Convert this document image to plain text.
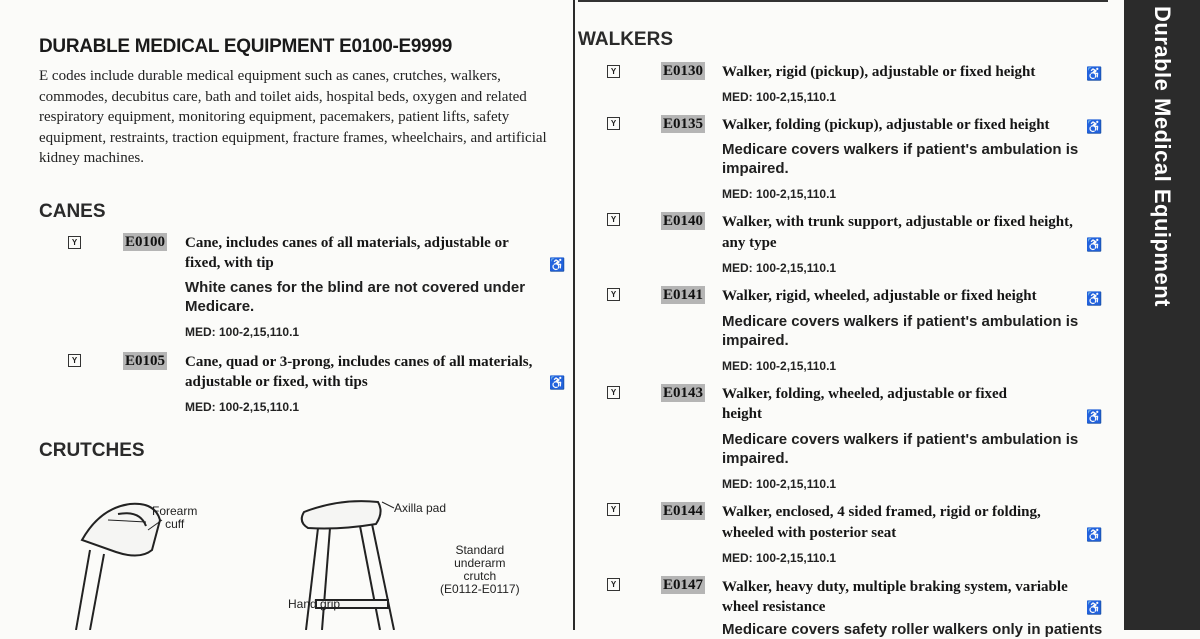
Durable Medical Equipment
DURABLE MEDICAL EQUIPMENT E0100-E9999
E codes include durable medical equipment such as canes, crutches, walkers, commodes, decubitus care, bath and toilet aids, hospital beds, oxygen and related respiratory equipment, monitoring equipment, pacemakers, patient lifts, safety equipment, restraints, traction equipment, fracture frames, wheelchairs, and artificial kidney machines.
CANES
Y	E0100 Cane, includes canes of all materials, adjustable or
fixed, with tip	♿
White canes for the blind are not covered under
Medicare.
MED: 100-2,15,110.1
Y	E0105 Cane, quad or 3-prong, includes canes of all materials,
adjustable or fixed, with tips	♿
MED: 100-2,15,110.1
CRUTCHES
Forearm
cuff
Axilla pad
Standard
underarm
crutch
(E0112-E0117)
Hand grip
WALKERS
Y	E0130 Walker, rigid (pickup), adjustable or fixed height	♿
MED: 100-2,15,110.1
Y	E0135 Walker, folding (pickup), adjustable or fixed height	♿
Medicare covers walkers if patient's ambulation is
impaired.
MED: 100-2,15,110.1
Y	E0140 Walker, with trunk support, adjustable or fixed height,
any type	♿
MED: 100-2,15,110.1
Y	E0141 Walker, rigid, wheeled, adjustable or fixed height	♿
Medicare covers walkers if patient's ambulation is
impaired.
MED: 100-2,15,110.1
Y	E0143 Walker, folding, wheeled, adjustable or fixed
height	♿
Medicare covers walkers if patient's ambulation is
impaired.
MED: 100-2,15,110.1
Y	E0144 Walker, enclosed, 4 sided framed, rigid or folding,
wheeled with posterior seat	♿
MED: 100-2,15,110.1
Y	E0147 Walker, heavy duty, multiple braking system, variable
wheel resistance	♿
Medicare covers safety roller walkers only in patients
